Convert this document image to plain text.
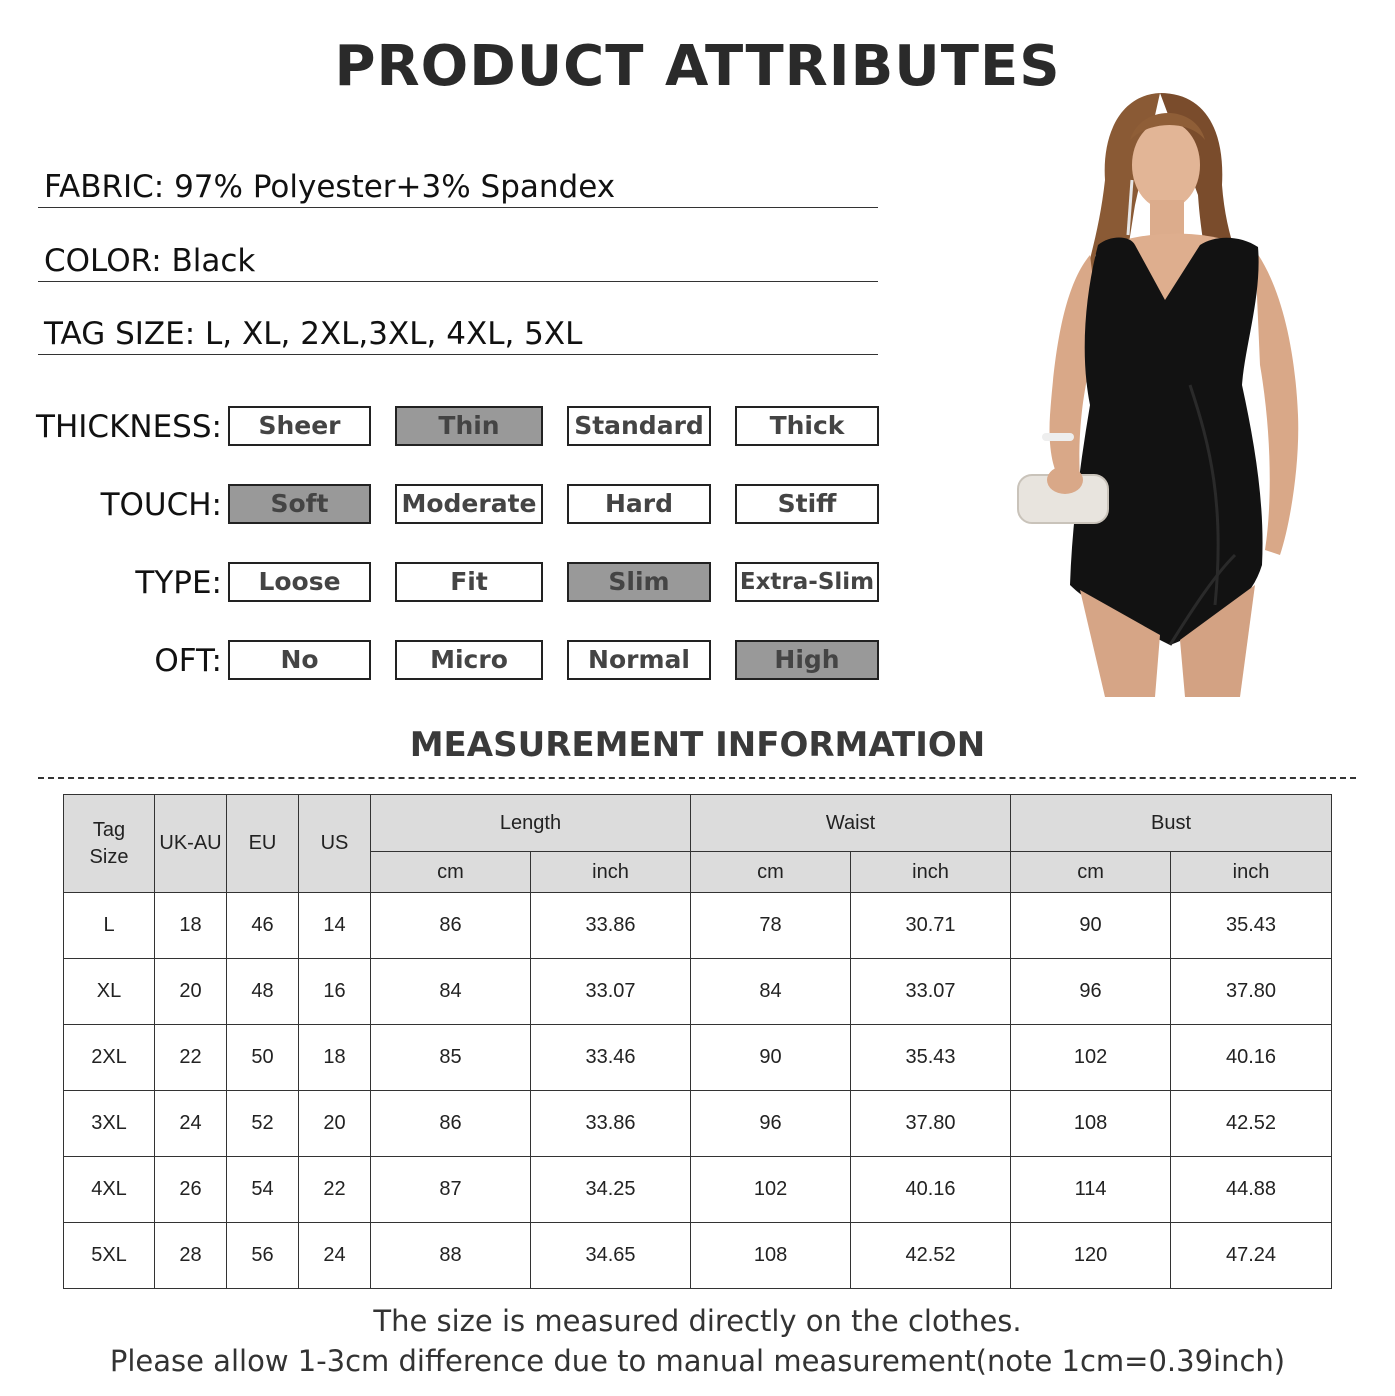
PRODUCT ATTRIBUTES
FABRIC: 97% Polyester+3% Spandex
COLOR: Black
TAG SIZE: L, XL, 2XL,3XL, 4XL, 5XL
THICKNESS:	Sheer	Thin	Standard	Thick
TOUCH:	Soft	Moderate	Hard	Stiff
TYPE:	Loose	Fit	Slim	Extra-Slim
OFT:	No	Micro	Normal	High
MEASUREMENT INFORMATION
Tag Size	UK-AU	EU	US	Length		Waist		Bust	
				cm	inch	cm	inch	cm	inch
L	18	46	14	86	33.86	78	30.71	90	35.43
XL	20	48	16	84	33.07	84	33.07	96	37.80
2XL	22	50	18	85	33.46	90	35.43	102	40.16
3XL	24	52	20	86	33.86	96	37.80	108	42.52
4XL	26	54	22	87	34.25	102	40.16	114	44.88
5XL	28	56	24	88	34.65	108	42.52	120	47.24
The size is measured directly on the clothes.
Please allow 1-3cm difference due to manual measurement(note 1cm=0.39inch)
